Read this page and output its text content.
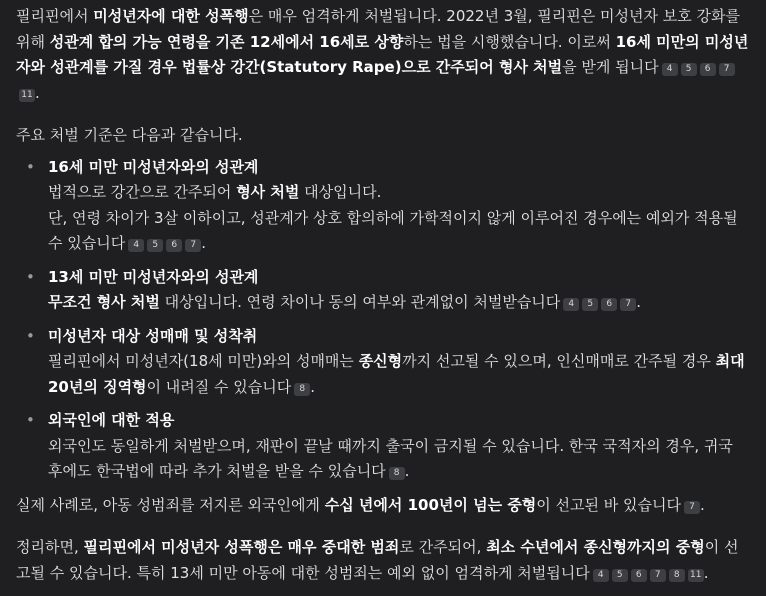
필리핀에서 미성년자에 대한 성폭행은 매우 엄격하게 처벌됩니다. 2022년 3월, 필리핀은 미성년자 보호 강화를 위해 성관계 합의 가능 연령을 기존 12세에서 16세로 상향하는 법을 시행했습니다. 이로써 16세 미만의 미성년자와 성관계를 가질 경우 법률상 강간(Statutory Rape)으로 간주되어 형사 처벌을 받게 됩니다 4 5 6 711 .

주요 처벌 기준은 다음과 같습니다.

• 16세 미만 미성년자와의 성관계
법적으로 강간으로 간주되어 형사 처벌 대상입니다.
단, 연령 차이가 3살 이하이고, 성관계가 상호 합의하에 가학적이지 않게 이루어진 경우에는 예외가 적용될 수 있습니다 4 5 6 7 .
• 13세 미만 미성년자와의 성관계
무조건 형사 처벌 대상입니다. 연령 차이나 동의 여부와 관계없이 처벌받습니다 4 5 6 7 .
• 미성년자 대상 성매매 및 성착취
필리핀에서 미성년자(18세 미만)와의 성매매는 종신형까지 선고될 수 있으며, 인신매매로 간주될 경우 최대 20년의 징역형이 내려질 수 있습니다 8 .
• 외국인에 대한 적용
외국인도 동일하게 처벌받으며, 재판이 끝날 때까지 출국이 금지될 수 있습니다. 한국 국적자의 경우, 귀국 후에도 한국법에 따라 추가 처벌을 받을 수 있습니다 8 .

실제 사례로, 아동 성범죄를 저지른 외국인에게 수십 년에서 100년이 넘는 중형이 선고된 바 있습니다 7 .

정리하면, 필리핀에서 미성년자 성폭행은 매우 중대한 범죄로 간주되어, 최소 수년에서 종신형까지의 중형이 선고될 수 있습니다. 특히 13세 미만 아동에 대한 성범죄는 예외 없이 엄격하게 처벌됩니다 4 5 6 7 8 11 .
